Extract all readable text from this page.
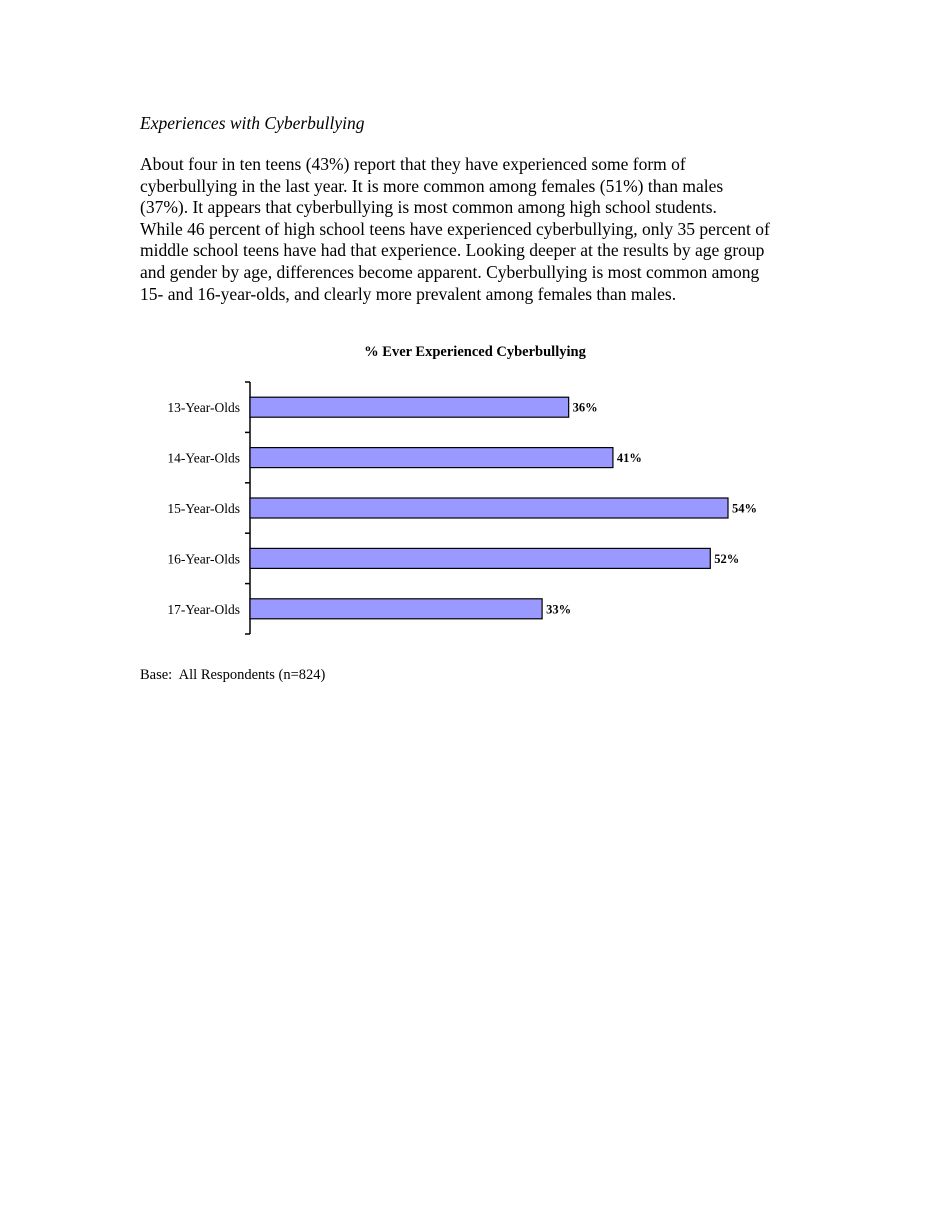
Experiences with Cyberbullying

About four in ten teens (43%) report that they have experienced some form of
cyberbullying in the last year. It is more common among females (51%) than males
(37%). It appears that cyberbullying is most common among high school students.
While 46 percent of high school teens have experienced cyberbullying, only 35 percent of
middle school teens have had that experience. Looking deeper at the results by age group
and gender by age, differences become apparent. Cyberbullying is most common among
15- and 16-year-olds, and clearly more prevalent among females than males.

% Ever Experienced Cyberbullying
13-Year-Olds	36%
14-Year-Olds	41%
15-Year-Olds	54%
16-Year-Olds	52%
17-Year-Olds	33%

Base:  All Respondents (n=824)
